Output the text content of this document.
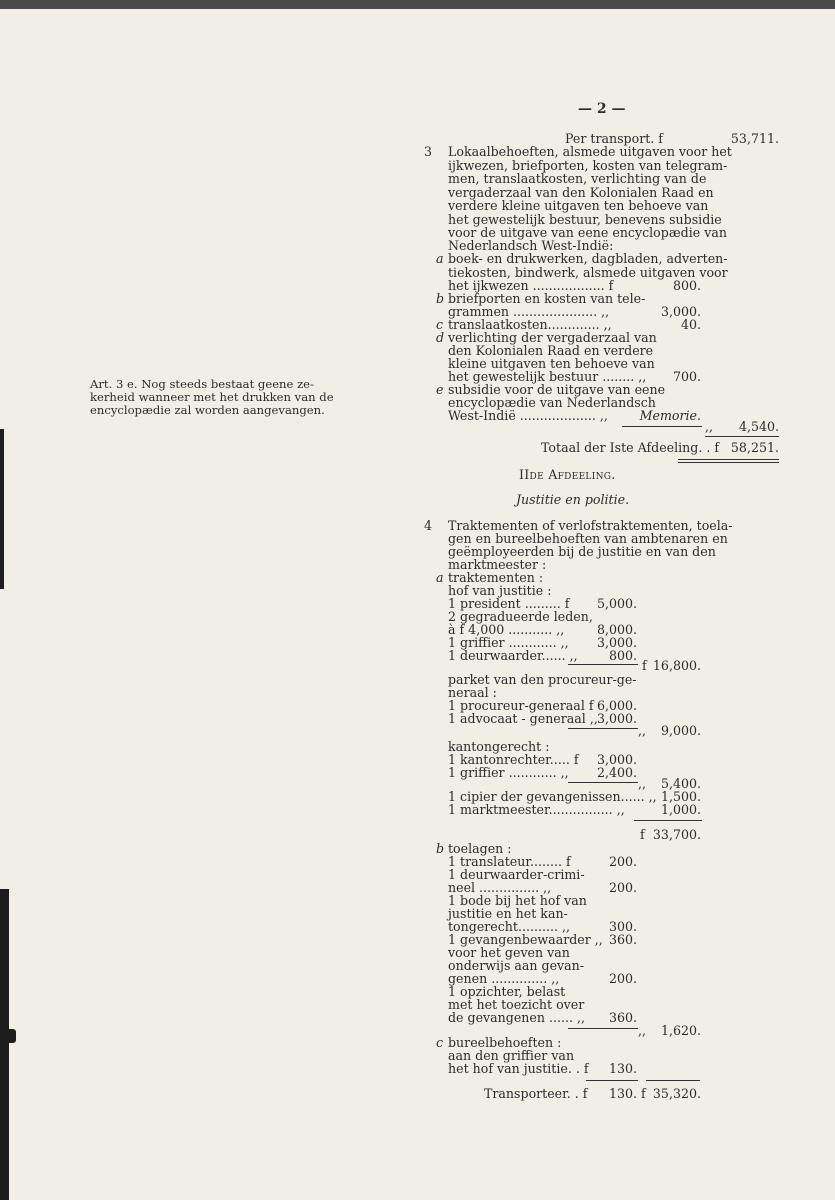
— 2 —
Art. 3 e. Nog steeds bestaat geene ze-
kerheid wanneer met het drukken van de
encyclopædie zal worden aangevangen.
Per transport. f	53,711.
3 Lokaalbehoeften, alsmede uitgaven voor het
ijkwezen, briefporten, kosten van telegram-
men, translaatkosten, verlichting van de
vergaderzaal van den Kolonialen Raad en
verdere kleine uitgaven ten behoeve van
het gewestelijk bestuur, benevens subsidie
voor de uitgave van eene encyclopædie van
Nederlandsch West-Indië:
a boek- en drukwerken, dagbladen, adverten-
tiekosten, bindwerk, alsmede uitgaven voor
het ijkwezen .................. f	800.
b briefporten en kosten van tele-
grammen ..................... ,,	3,000.
c translaatkosten............. ,,	40.
d verlichting der vergaderzaal van
den Kolonialen Raad en verdere
kleine uitgaven ten behoeve van
het gewestelijk bestuur ........ ,, 700.
e subsidie voor de uitgave van eene
encyclopædie van Nederlandsch
West-Indië ................... ,,	Memorie.
,, 4,540.
Totaal der Iste Afdeeling. . f 58,251.
IIde Afdeeling.
Justitie en politie.
4 Traktementen of verlofstraktementen, toela-
gen en bureelbehoeften van ambtenaren en
geëmployeerden bij de justitie en van den
marktmeester :
a traktementen :
hof van justitie :
1 president ......... f 5,000.
2 gegradueerde leden,
à f 4,000 ........... ,,	8,000.
1 griffier ............ ,, 3,000.
1 deurwaarder...... ,, 800.
f 16,800.
parket van den procureur-ge-
neraal :
1 procureur-generaal f 6,000.
1 advocaat - generaal ,, 3,000.
,, 9,000.
kantongerecht :
1 kantonrechter..... f 3,000.
1 griffier ............ ,, 2,400.
,, 5,400.
1 cipier der gevangenissen...... ,, 1,500.
1 marktmeester................ ,,	1,000.
f 33,700.
b toelagen :
1 translateur........ f	200.
1 deurwaarder-crimi-
neel ............... ,,	200.
1 bode bij het hof van
justitie en het kan-
tongerecht.......... ,,	300.
1 gevangenbewaarder ,, 360.
voor het geven van
onderwijs aan gevan-
genen .............. ,,	200.
1 opzichter, belast
met het toezicht over
de gevangenen ...... ,, 360.
,, 1,620.
c bureelbehoeften :
aan den griffier van
het hof van justitie. . f 130.
Transporteer. . f 130. f 35,320.
